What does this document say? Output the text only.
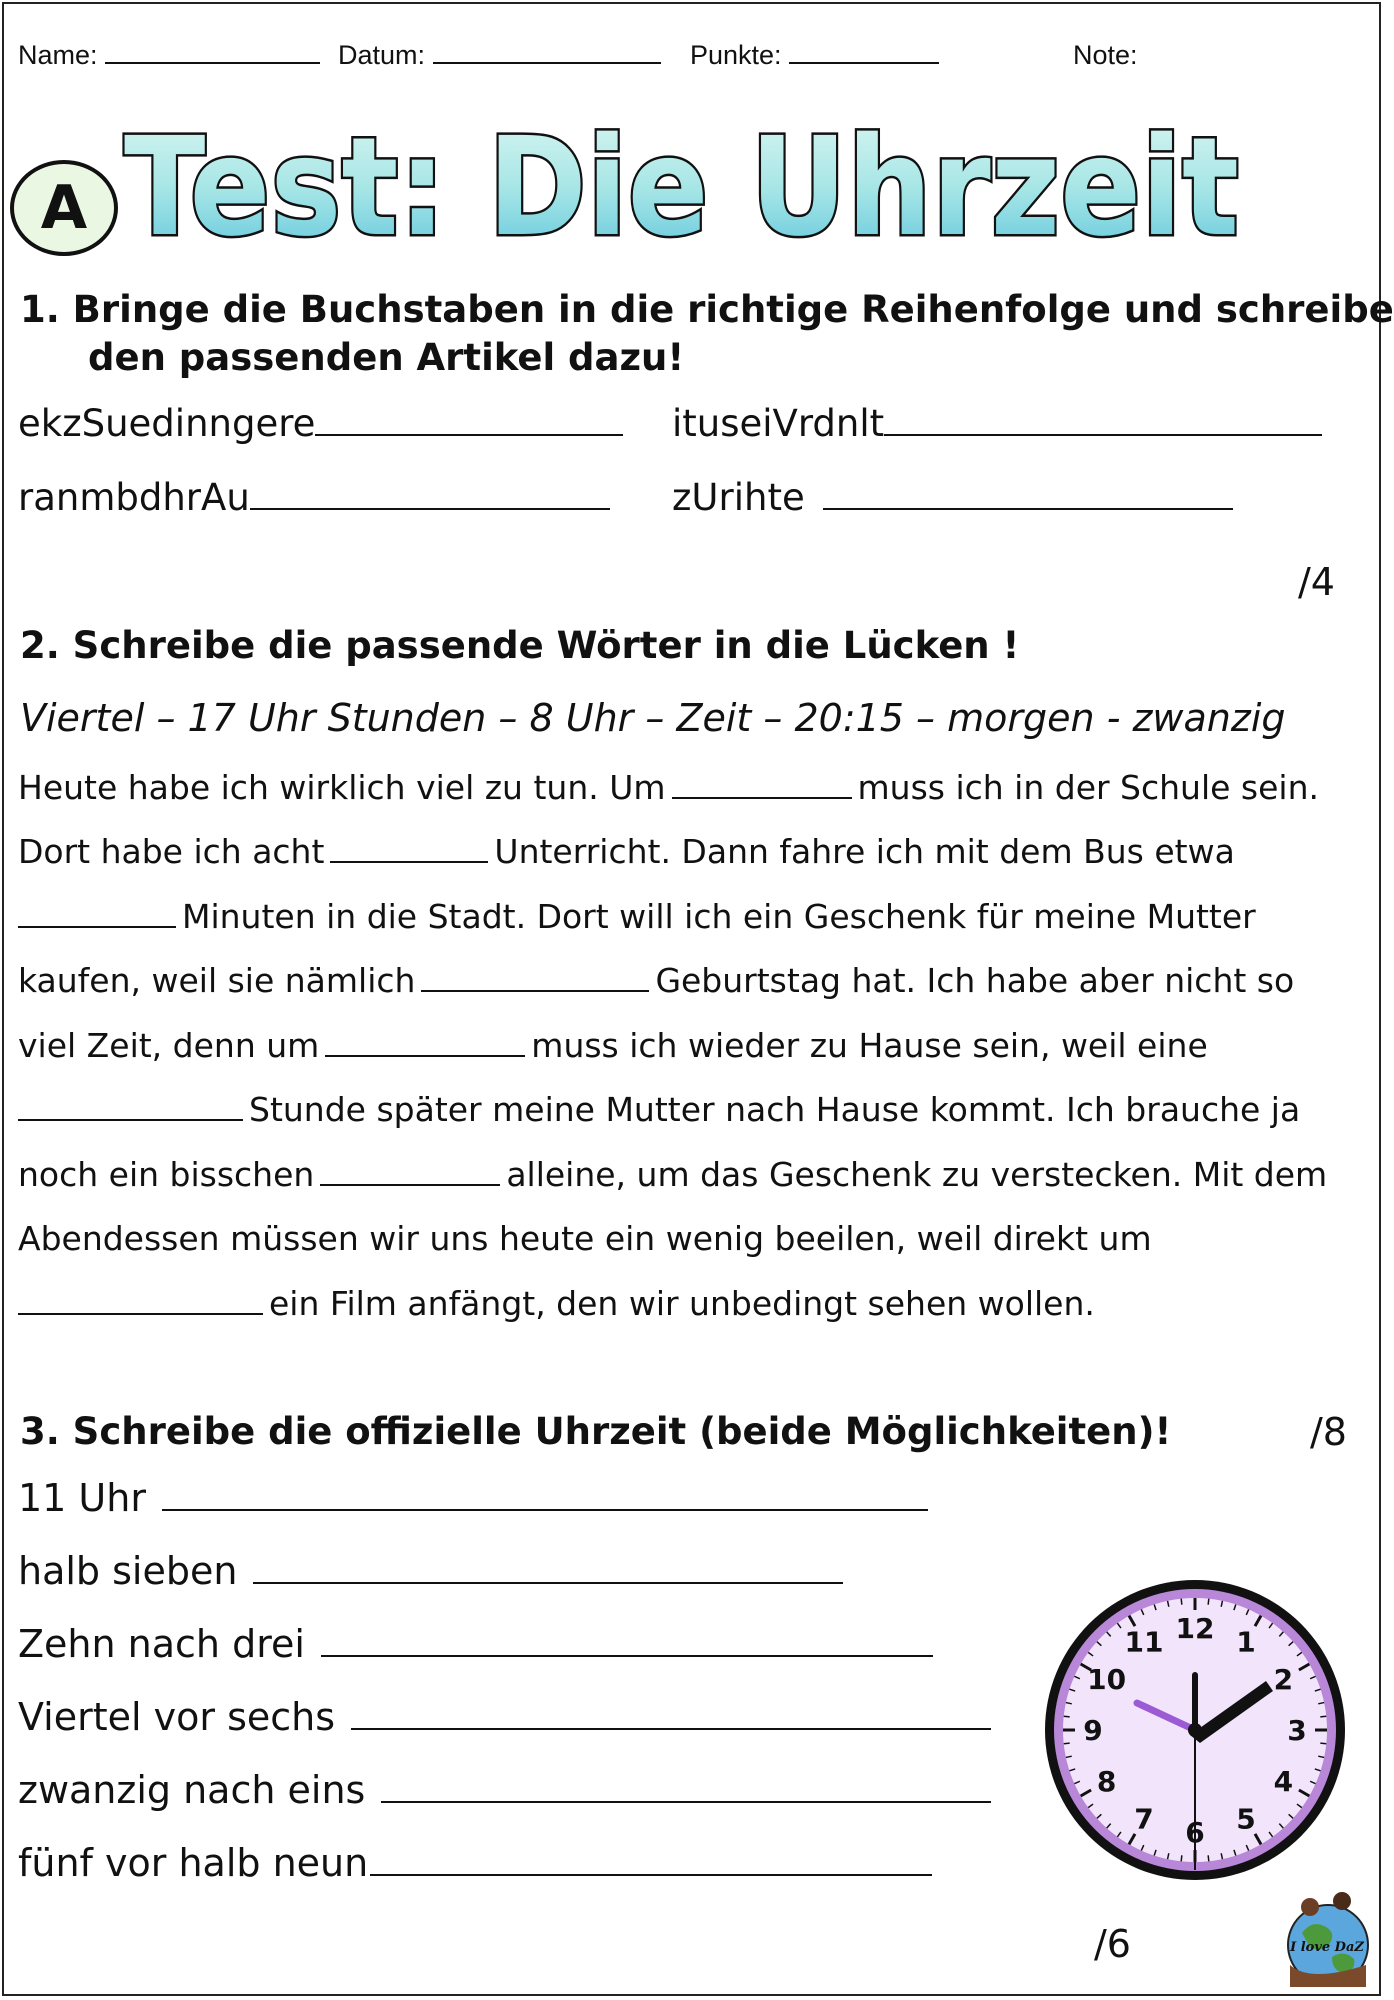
Name:	Datum:	Punkte:	Note:
A Test: Die Uhrzeit
1. Bringe die Buchstaben in die richtige Reihenfolge und schreibe
den passenden Artikel dazu!
ekzSuedinngere	ituseiVrdnlt
ranmbdhrAu	zUrihte
/4
2. Schreibe die passende Wörter in die Lücken !
Viertel – 17 Uhr Stunden – 8 Uhr – Zeit – 20:15 – morgen - zwanzig
Heute habe ich wirklich viel zu tun. Um	muss ich in der Schule sein.
Dort habe ich acht	Unterricht. Dann fahre ich mit dem Bus etwa
Minuten in die Stadt. Dort will ich ein Geschenk für meine Mutter
kaufen, weil sie nämlich	Geburtstag hat. Ich habe aber nicht so
viel Zeit, denn um	muss ich wieder zu Hause sein, weil eine
Stunde später meine Mutter nach Hause kommt. Ich brauche ja
noch ein bisschen	alleine, um das Geschenk zu verstecken. Mit dem
Abendessen müssen wir uns heute ein wenig beeilen, weil direkt um
ein Film anfängt, den wir unbedingt sehen wollen.
3. Schreibe die offizielle Uhrzeit (beide Möglichkeiten)!	/8
11 Uhr
halb sieben
Zehn nach drei
Viertel vor sechs
zwanzig nach eins
fünf vor halb neun
12 1
2
3
4
5
6
7
8
9
10
11
/6	I love DaZ
